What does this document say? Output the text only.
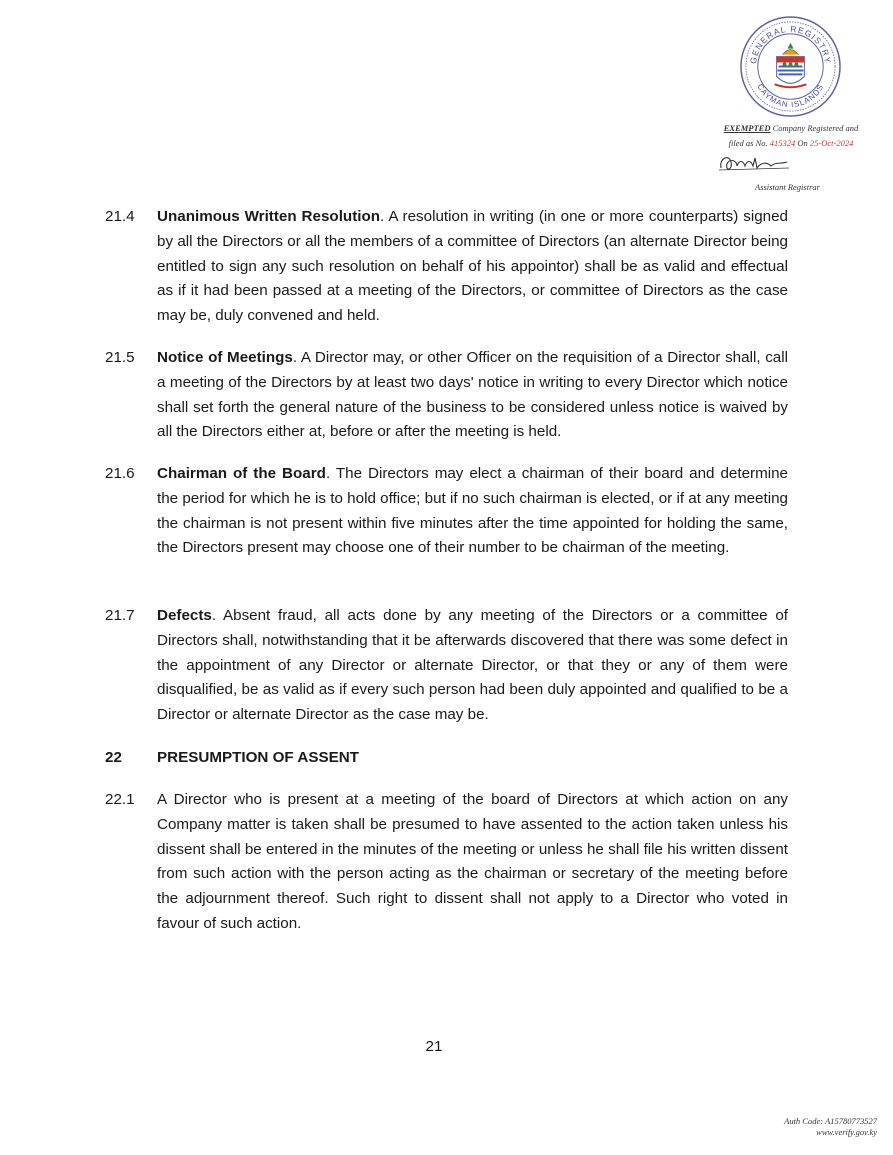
GENERAL REGISTRY
CAYMAN ISLANDS
EXEMPTED Company Registered and
filed as No. 415324 On 25-Oct-2024
Assistant Registrar
21.4 Unanimous Written Resolution. A resolution in writing (in one or more counterparts) signed by all the Directors or all the members of a committee of Directors (an alternate Director being entitled to sign any such resolution on behalf of his appointor) shall be as valid and effectual as if it had been passed at a meeting of the Directors, or committee of Directors as the case may be, duly convened and held.
21.5 Notice of Meetings. A Director may, or other Officer on the requisition of a Director shall, call a meeting of the Directors by at least two days' notice in writing to every Director which notice shall set forth the general nature of the business to be considered unless notice is waived by all the Directors either at, before or after the meeting is held.
21.6 Chairman of the Board. The Directors may elect a chairman of their board and determine the period for which he is to hold office; but if no such chairman is elected, or if at any meeting the chairman is not present within five minutes after the time appointed for holding the same, the Directors present may choose one of their number to be chairman of the meeting.
21.7 Defects. Absent fraud, all acts done by any meeting of the Directors or a committee of Directors shall, notwithstanding that it be afterwards discovered that there was some defect in the appointment of any Director or alternate Director, or that they or any of them were disqualified, be as valid as if every such person had been duly appointed and qualified to be a Director or alternate Director as the case may be.
22 PRESUMPTION OF ASSENT
22.1 A Director who is present at a meeting of the board of Directors at which action on any Company matter is taken shall be presumed to have assented to the action taken unless his dissent shall be entered in the minutes of the meeting or unless he shall file his written dissent from such action with the person acting as the chairman or secretary of the meeting before the adjournment thereof. Such right to dissent shall not apply to a Director who voted in favour of such action.
21
Auth Code: A15780773527
www.verify.gov.ky
